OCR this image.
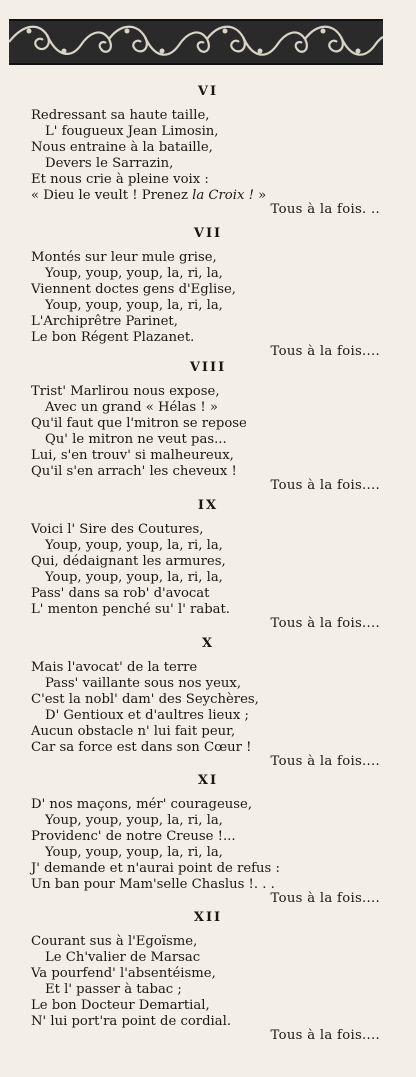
VI
Redressant sa haute taille,
L' fougueux Jean Limosin,
Nous entraine à la bataille,
Devers le Sarrazin,
Et nous crie à pleine voix :
« Dieu le veult ! Prenez la Croix ! »
Tous à la fois. ..
VII
Montés sur leur mule grise,
Youp, youp, youp, la, ri, la,
Viennent doctes gens d'Eglise,
Youp, youp, youp, la, ri, la,
L'Archiprêtre Parinet,
Le bon Régent Plazanet.
Tous à la fois....
VIII
Trist' Marlirou nous expose,
Avec un grand « Hélas ! »
Qu'il faut que l'mitron se repose
Qu' le mitron ne veut pas...
Lui, s'en trouv' si malheureux,
Qu'il s'en arrach' les cheveux !
Tous à la fois....
IX
Voici l' Sire des Coutures,
Youp, youp, youp, la, ri, la,
Qui, dédaignant les armures,
Youp, youp, youp, la, ri, la,
Pass' dans sa rob' d'avocat
L' menton penché su' l' rabat.
Tous à la fois....
X
Mais l'avocat' de la terre
Pass' vaillante sous nos yeux,
C'est la nobl' dam' des Seychères,
D' Gentioux et d'aultres lieux ;
Aucun obstacle n' lui fait peur,
Car sa force est dans son Cœur !
Tous à la fois....
XI
D' nos maçons, mér' courageuse,
Youp, youp, youp, la, ri, la,
Providenc' de notre Creuse !...
Youp, youp, youp, la, ri, la,
J' demande et n'aurai point de refus :
Un ban pour Mam'selle Chaslus !. . .
Tous à la fois....
XII
Courant sus à l'Egoïsme,
Le Ch'valier de Marsac
Va pourfend' l'absentéisme,
Et l' passer à tabac ;
Le bon Docteur Demartial,
N' lui port'ra point de cordial.
Tous à la fois....
